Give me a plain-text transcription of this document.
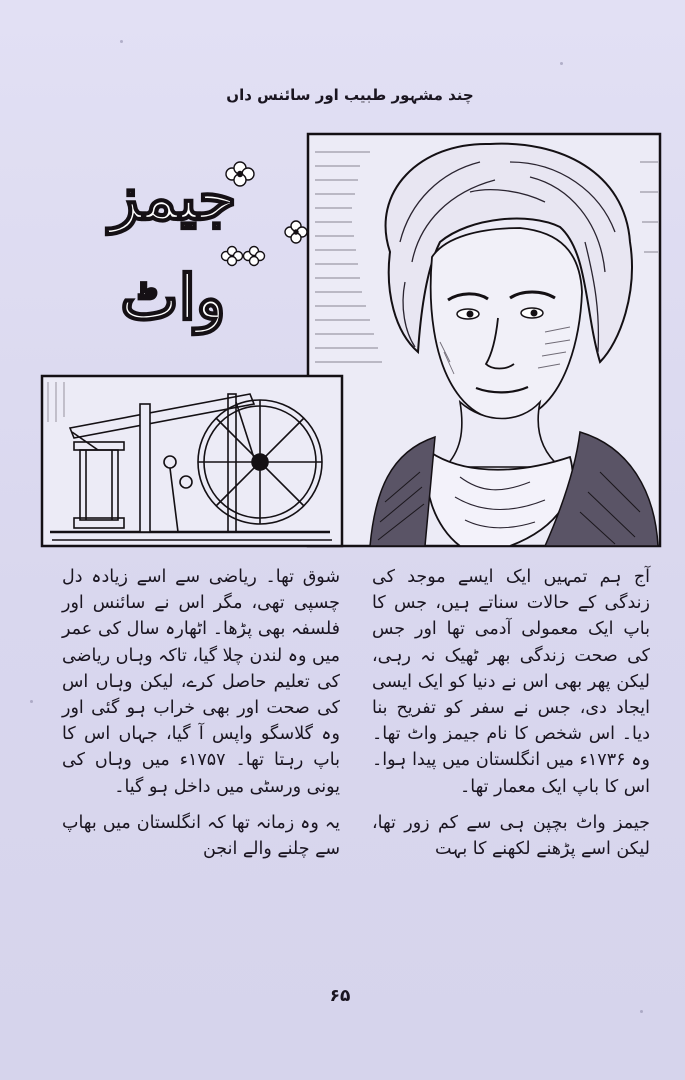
چند مشہور طبیب اور سائنس داں
جیمز واٹ

آج ہم تمہیں ایک ایسے موجد کی زندگی کے حالات سناتے ہیں، جس کا باپ ایک معمولی آدمی تھا اور جس کی صحت زندگی بھر ٹھیک نہ رہی، لیکن پھر بھی اس نے دنیا کو ایک ایسی ایجاد دی، جس نے سفر کو تفریح بنا دیا۔ اس شخص کا نام جیمز واٹ تھا۔ وہ ۱۷۳۶ء میں انگلستان میں پیدا ہوا۔ اس کا باپ ایک معمار تھا۔

جیمز واٹ بچپن ہی سے کم زور تھا، لیکن اسے پڑھنے لکھنے کا بہت

شوق تھا۔ ریاضی سے اسے زیادہ دل چسپی تھی، مگر اس نے سائنس اور فلسفہ بھی پڑھا۔ اٹھارہ سال کی عمر میں وہ لندن چلا گیا، تاکہ وہاں ریاضی کی تعلیم حاصل کرے، لیکن وہاں اس کی صحت اور بھی خراب ہو گئی اور وہ گلاسگو واپس آ گیا، جہاں اس کا باپ رہتا تھا۔ ۱۷۵۷ء میں وہاں کی یونی ورسٹی میں داخل ہو گیا۔

یہ وہ زمانہ تھا کہ انگلستان میں بھاپ سے چلنے والے انجن

۶۵
